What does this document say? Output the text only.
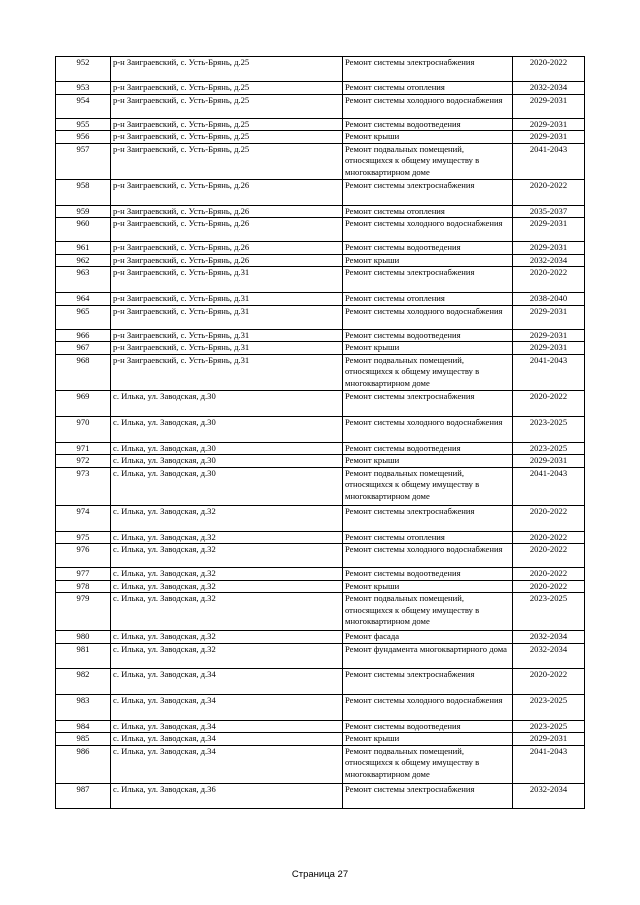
952	р-н Заиграевский, с. Усть-Брянь, д.25	Ремонт системы электроснабжения	2020-2022
953	р-н Заиграевский, с. Усть-Брянь, д.25	Ремонт системы отопления	2032-2034
954	р-н Заиграевский, с. Усть-Брянь, д.25	Ремонт системы холодного водоснабжения	2029-2031
955	р-н Заиграевский, с. Усть-Брянь, д.25	Ремонт системы водоотведения	2029-2031
956	р-н Заиграевский, с. Усть-Брянь, д.25	Ремонт крыши	2029-2031
957	р-н Заиграевский, с. Усть-Брянь, д.25	Ремонт подвальных помещений, относящихся к общему имуществу в многоквартирном доме	2041-2043
958	р-н Заиграевский, с. Усть-Брянь, д.26	Ремонт системы электроснабжения	2020-2022
959	р-н Заиграевский, с. Усть-Брянь, д.26	Ремонт системы отопления	2035-2037
960	р-н Заиграевский, с. Усть-Брянь, д.26	Ремонт системы холодного водоснабжения	2029-2031
961	р-н Заиграевский, с. Усть-Брянь, д.26	Ремонт системы водоотведения	2029-2031
962	р-н Заиграевский, с. Усть-Брянь, д.26	Ремонт крыши	2032-2034
963	р-н Заиграевский, с. Усть-Брянь, д.31	Ремонт системы электроснабжения	2020-2022
964	р-н Заиграевский, с. Усть-Брянь, д.31	Ремонт системы отопления	2038-2040
965	р-н Заиграевский, с. Усть-Брянь, д.31	Ремонт системы холодного водоснабжения	2029-2031
966	р-н Заиграевский, с. Усть-Брянь, д.31	Ремонт системы водоотведения	2029-2031
967	р-н Заиграевский, с. Усть-Брянь, д.31	Ремонт крыши	2029-2031
968	р-н Заиграевский, с. Усть-Брянь, д.31	Ремонт подвальных помещений, относящихся к общему имуществу в многоквартирном доме	2041-2043
969	с. Илька, ул. Заводская, д.30	Ремонт системы электроснабжения	2020-2022
970	с. Илька, ул. Заводская, д.30	Ремонт системы холодного водоснабжения	2023-2025
971	с. Илька, ул. Заводская, д.30	Ремонт системы водоотведения	2023-2025
972	с. Илька, ул. Заводская, д.30	Ремонт крыши	2029-2031
973	с. Илька, ул. Заводская, д.30	Ремонт подвальных помещений, относящихся к общему имуществу в многоквартирном доме	2041-2043
974	с. Илька, ул. Заводская, д.32	Ремонт системы электроснабжения	2020-2022
975	с. Илька, ул. Заводская, д.32	Ремонт системы отопления	2020-2022
976	с. Илька, ул. Заводская, д.32	Ремонт системы холодного водоснабжения	2020-2022
977	с. Илька, ул. Заводская, д.32	Ремонт системы водоотведения	2020-2022
978	с. Илька, ул. Заводская, д.32	Ремонт крыши	2020-2022
979	с. Илька, ул. Заводская, д.32	Ремонт подвальных помещений, относящихся к общему имуществу в многоквартирном доме	2023-2025
980	с. Илька, ул. Заводская, д.32	Ремонт фасада	2032-2034
981	с. Илька, ул. Заводская, д.32	Ремонт фундамента многоквартирного дома	2032-2034
982	с. Илька, ул. Заводская, д.34	Ремонт системы электроснабжения	2020-2022
983	с. Илька, ул. Заводская, д.34	Ремонт системы холодного водоснабжения	2023-2025
984	с. Илька, ул. Заводская, д.34	Ремонт системы водоотведения	2023-2025
985	с. Илька, ул. Заводская, д.34	Ремонт крыши	2029-2031
986	с. Илька, ул. Заводская, д.34	Ремонт подвальных помещений, относящихся к общему имуществу в многоквартирном доме	2041-2043
987	с. Илька, ул. Заводская, д.36	Ремонт системы электроснабжения	2032-2034
Страница 27
